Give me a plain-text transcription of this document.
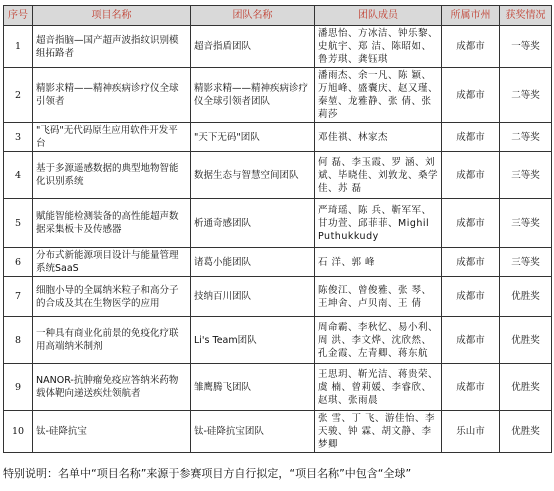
序号	项目名称	团队名称	团队成员	所属市州	获奖情况
1	超音指脑—国产超声波指纹识别模组拓路者	超音指盾团队	潘思怡、方冰洁、钟乐黎、史航宇、郑 洁、陈昭如、鲁芳琪、龚钰琪	成都市	一等奖
2	精影求精——精神疾病诊疗仪全球引领者	精影求精——精神疾病诊疗仪全球引领者团队	潘雨杰、余一凡、陈 颖、万旭峰、盛囊庆、赵又瑾、秦堃、龙雅静、张 倩、张莉莎	成都市	二等奖
3	"飞码"无代码原生应用软件开发平台	"天下无码"团队	邓佳祺、林家杰	成都市	二等奖
4	基于多源遥感数据的典型地物智能化识别系统	数据生态与智慧空间团队	何 磊、李玉霞、罗 涵、刘斌、毕晓佳、刘敦龙、桑学佳、苏 磊	成都市	三等奖
5	赋能智能检测装备的高性能超声数据采集板卡及传感器	析通奇感团队	严琦瑶、陈 兵、靳军军、甘功萱、邱菲菲、Mighil Puthukkudy	成都市	三等奖
6	分布式新能源项目设计与能量管理系统SaaS	诸葛小能团队	石 洋、郭 峰	成都市	三等奖
7	细胞小导的全属纳米粒子和高分子的合成及其在生物医学的应用	技纳百川团队	陈俊江、曾俊雅、张 琴、王坤舍、卢贝南、王 倩	成都市	优胜奖
8	一种具有商业化前景的免疫化疗联用高端纳米制剂	Li's Team团队	周命霸、李秋忆、易小利、周 洪、李文烨、沈欣然、孔金霞、左青卿、蒋东航	成都市	优胜奖
9	NANOR-抗肿瘤免疫应答纳米药物载体靶向递送疾灶领航者	雏鹰腾飞团队	王思玥、靳光洁、蒋贵荣、虞 楠、曾莉媛、李睿欣、赵琪、张雨晨	成都市	优胜奖
10	钛-硅降抗宝	钛-硅降抗宝团队	张 雪、丁 飞、游佳怡、李天骏、钟 霖、胡文静、李梦卿	乐山市	优胜奖
特别说明：名单中“项目名称”来源于参赛项目方自行拟定，“项目名称”中包含“全球”
